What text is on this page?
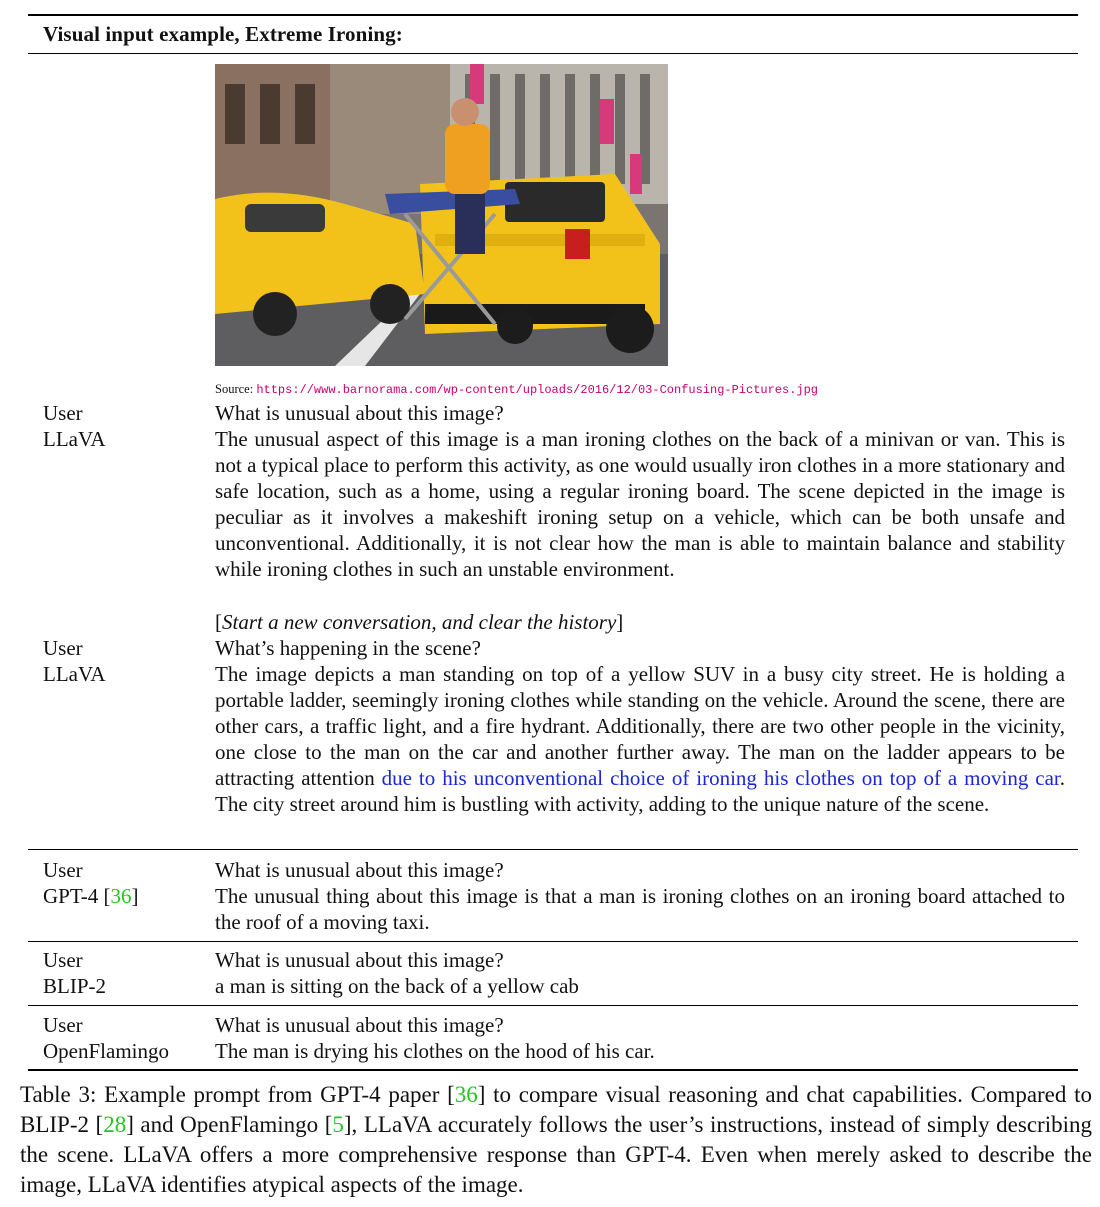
Visual input example, Extreme Ironing:
Source: https://www.barnorama.com/wp-content/uploads/2016/12/03-Confusing-Pictures.jpg
User	What is unusual about this image?
LLaVA	The unusual aspect of this image is a man ironing clothes on the back of a minivan or van. This is not a typical place to perform this activity, as one would usually iron clothes in a more stationary and safe location, such as a home, using a regular ironing board. The scene depicted in the image is peculiar as it involves a makeshift ironing setup on a vehicle, which can be both unsafe and unconventional. Additionally, it is not clear how the man is able to maintain balance and stability while ironing clothes in such an unstable environment.
[Start a new conversation, and clear the history]
User	What’s happening in the scene?
LLaVA	The image depicts a man standing on top of a yellow SUV in a busy city street. He is holding a portable ladder, seemingly ironing clothes while standing on the vehicle. Around the scene, there are other cars, a traffic light, and a fire hydrant. Additionally, there are two other people in the vicinity, one close to the man on the car and another further away. The man on the ladder appears to be attracting attention due to his unconventional choice of ironing his clothes on top of a moving car. The city street around him is bustling with activity, adding to the unique nature of the scene.
User	What is unusual about this image?
GPT-4 [36]	The unusual thing about this image is that a man is ironing clothes on an ironing board attached to the roof of a moving taxi.
User	What is unusual about this image?
BLIP-2	a man is sitting on the back of a yellow cab
User	What is unusual about this image?
OpenFlamingo The man is drying his clothes on the hood of his car.
Table 3: Example prompt from GPT-4 paper [36] to compare visual reasoning and chat capabilities. Compared to BLIP-2 [28] and OpenFlamingo [5], LLaVA accurately follows the user’s instructions, instead of simply describing the scene. LLaVA offers a more comprehensive response than GPT-4. Even when merely asked to describe the image, LLaVA identifies atypical aspects of the image.
